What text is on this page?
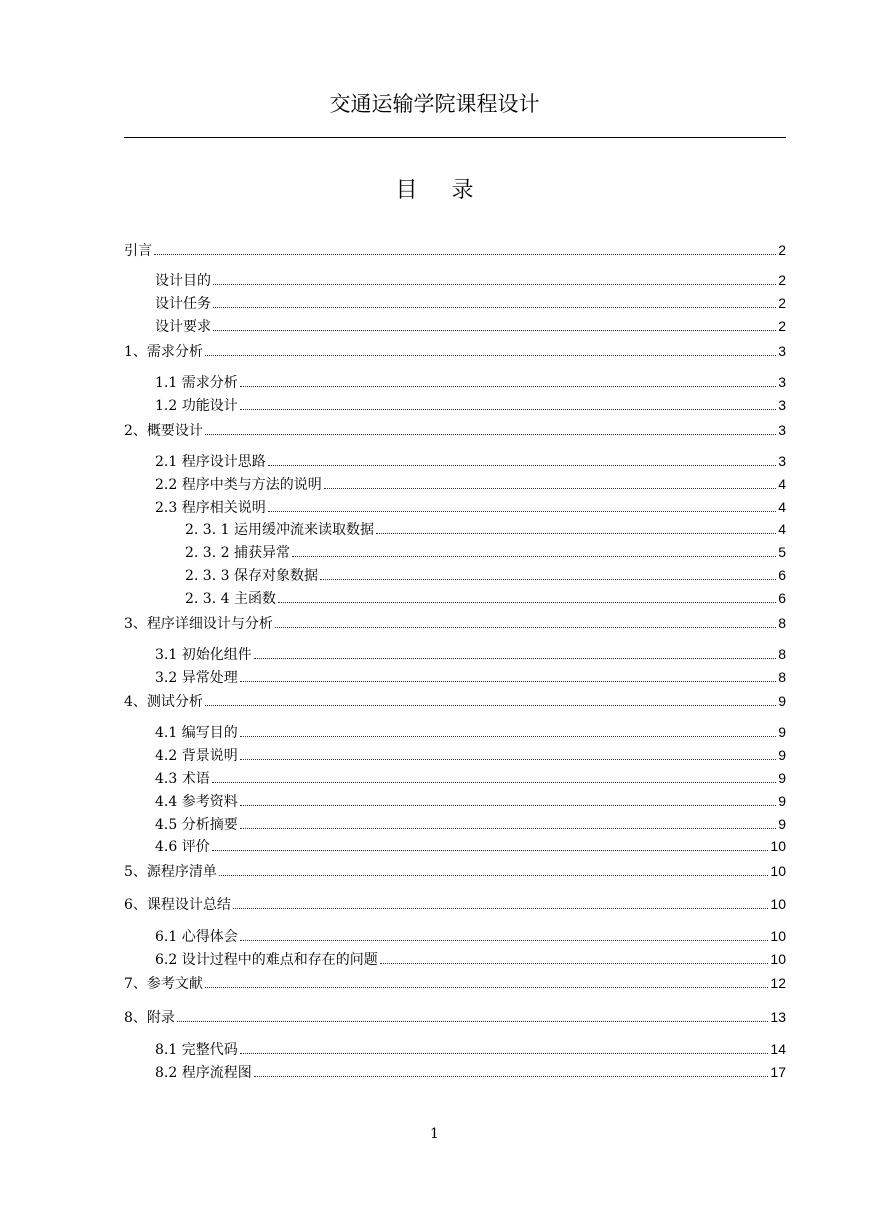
交通运输学院课程设计
目 录
引言	2
设计目的	2
设计任务	2
设计要求	2
1、需求分析	3
1.1 需求分析	3
1.2 功能设计	3
2、概要设计	3
2.1 程序设计思路	3
2.2 程序中类与方法的说明	4
2.3 程序相关说明	4
2. 3. 1 运用缓冲流来读取数据	4
2. 3. 2 捕获异常	5
2. 3. 3 保存对象数据	6
2. 3. 4 主函数	6
3、程序详细设计与分析	8
3.1 初始化组件	8
3.2 异常处理	8
4、测试分析	9
4.1 编写目的	9
4.2 背景说明	9
4.3 术语	9
4.4 参考资料	9
4.5 分析摘要	9
4.6 评价	10
5、源程序清单	10
6、课程设计总结	10
6.1 心得体会	10
6.2 设计过程中的难点和存在的问题	10
7、参考文献	12
8、附录	13
8.1 完整代码	14
8.2 程序流程图	17
1
